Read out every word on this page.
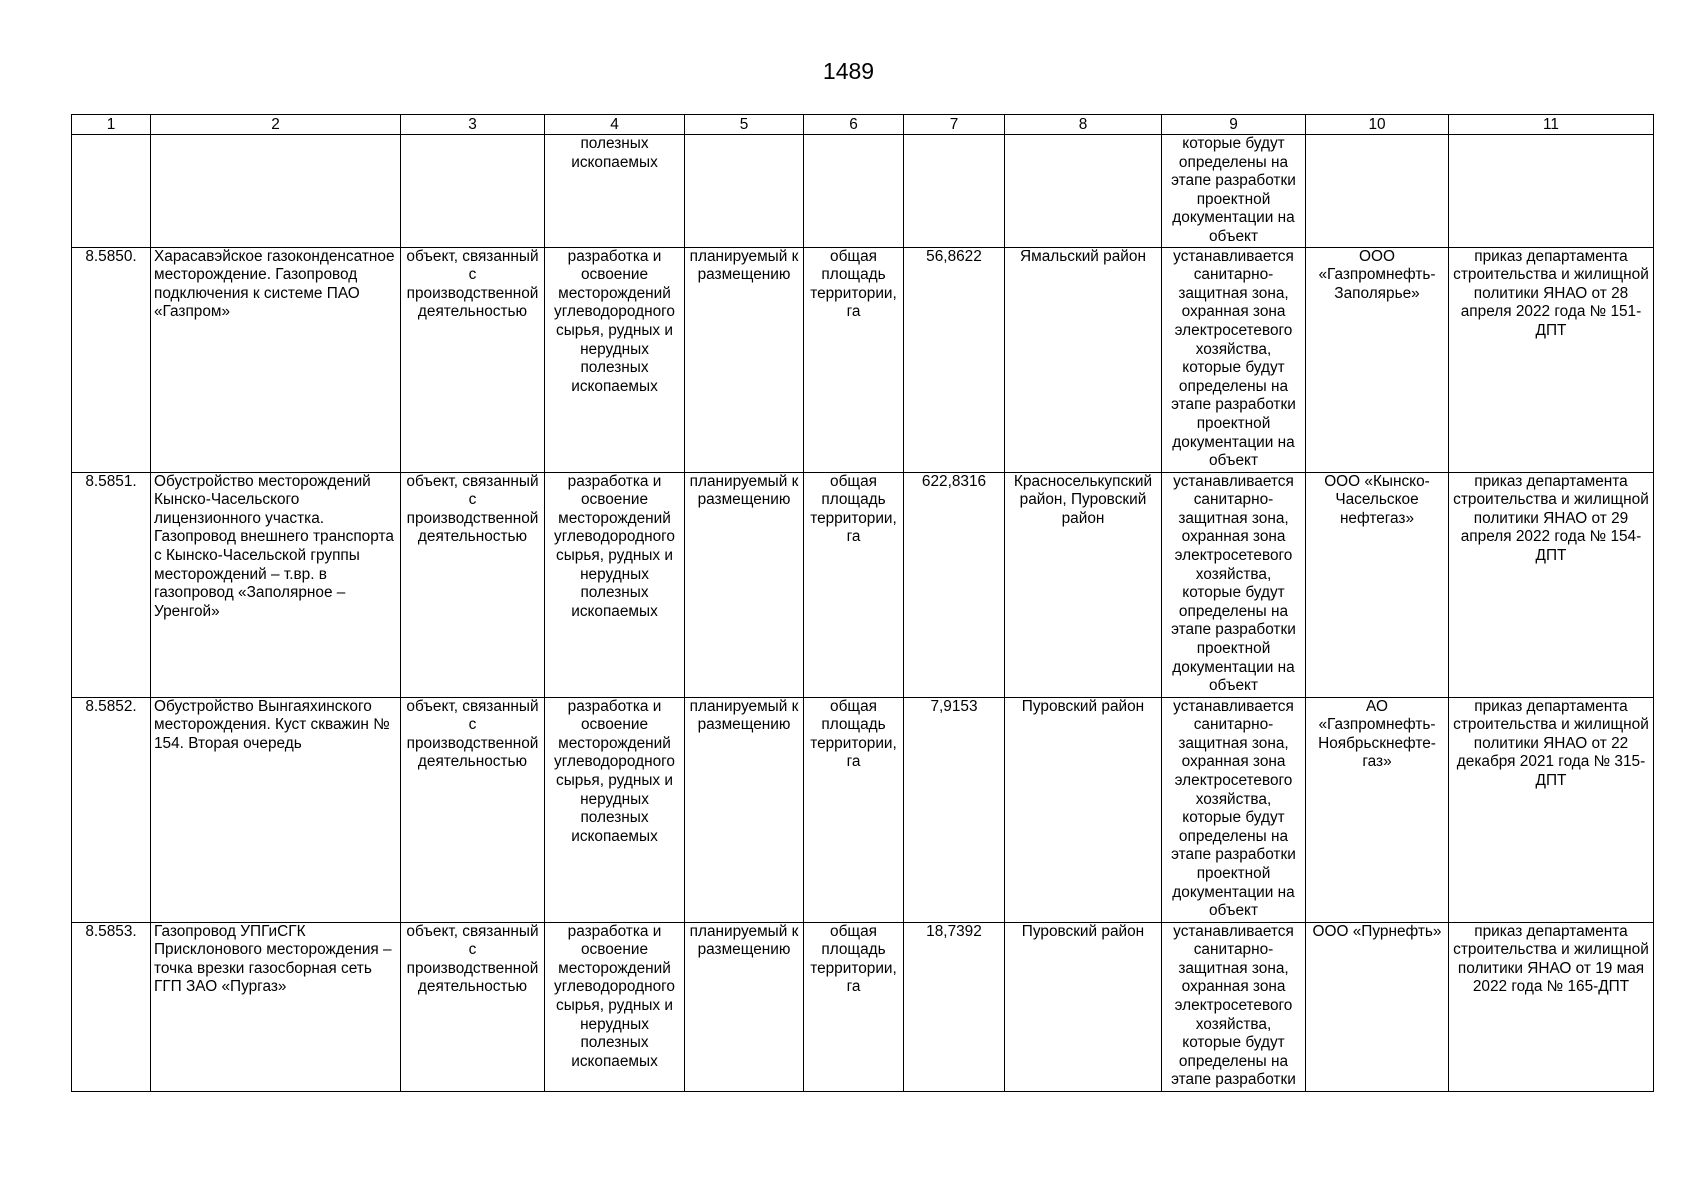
1489
1	2	3	4	5	6	7	8	9	10	11
			полезных ископаемых					которые будут определены на этапе разработки проектной документации на объект		
8.5850.	Харасавэйское газоконденсатное месторождение. Газопровод подключения к системе ПАО «Газпром»	объект, связанный с производственной деятельностью	разработка и освоение месторождений углеводородного сырья, рудных и нерудных полезных ископаемых	планируемый к размещению	общая площадь территории, га	56,8622	Ямальский район	устанавливается санитарно-защитная зона, охранная зона электросетевого хозяйства, которые будут определены на этапе разработки проектной документации на объект	ООО «Газпромнефть-Заполярье»	приказ департамента строительства и жилищной политики ЯНАО от 28 апреля 2022 года № 151-ДПТ
8.5851.	Обустройство месторождений Кынско-Часельского лицензионного участка. Газопровод внешнего транспорта с Кынско-Часельской группы месторождений – т.вр. в газопровод «Заполярное – Уренгой»	объект, связанный с производственной деятельностью	разработка и освоение месторождений углеводородного сырья, рудных и нерудных полезных ископаемых	планируемый к размещению	общая площадь территории, га	622,8316	Красноселькупский район, Пуровский район	устанавливается санитарно-защитная зона, охранная зона электросетевого хозяйства, которые будут определены на этапе разработки проектной документации на объект	ООО «Кынско-Часельское нефтегаз»	приказ департамента строительства и жилищной политики ЯНАО от 29 апреля 2022 года № 154-ДПТ
8.5852.	Обустройство Вынгаяхинского месторождения. Куст скважин № 154. Вторая очередь	объект, связанный с производственной деятельностью	разработка и освоение месторождений углеводородного сырья, рудных и нерудных полезных ископаемых	планируемый к размещению	общая площадь территории, га	7,9153	Пуровский район	устанавливается санитарно-защитная зона, охранная зона электросетевого хозяйства, которые будут определены на этапе разработки проектной документации на объект	АО «Газпромнефть-Ноябрьскнефте-газ»	приказ департамента строительства и жилищной политики ЯНАО от 22 декабря 2021 года № 315-ДПТ
8.5853.	Газопровод УПГиСГК Присклонового месторождения – точка врезки газосборная сеть ГГП ЗАО «Пургаз»	объект, связанный с производственной деятельностью	разработка и освоение месторождений углеводородного сырья, рудных и нерудных полезных ископаемых	планируемый к размещению	общая площадь территории, га	18,7392	Пуровский район	устанавливается санитарно-защитная зона, охранная зона электросетевого хозяйства, которые будут определены на этапе разработки	ООО «Пурнефть»	приказ департамента строительства и жилищной политики ЯНАО от 19 мая 2022 года № 165-ДПТ
